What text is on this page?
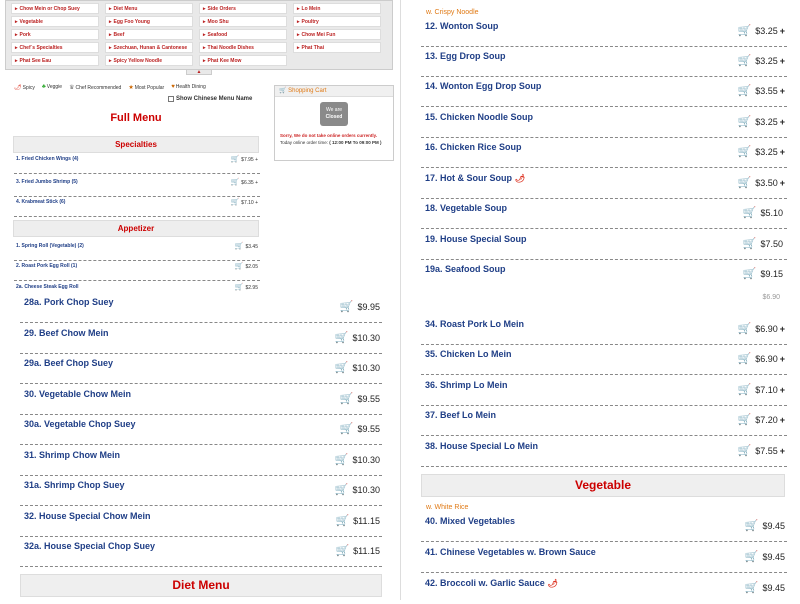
▸ Chow Mein or Chop Suey	▸ Diet Menu	▸ Side Orders	▸ Lo Mein
▸ Vegetable	▸ Egg Foo Young	▸ Moo Shu	▸ Poultry
▸ Pork	▸ Beef	▸ Seafood	▸ Chow Mei Fun
▸ Chef`s Specialties	▸ Szechuan, Hunan & Cantonese	▸ Thai Noodle Dishes	▸ Phat Thai
▸ Phat See Eau	▸ Spicy Yellow Noodle	▸ Phat Kee Mow
▲
🌶Spicy ♣Veggie ♛Chef Recommended ★Most Popular ♥Health Dining
Show Chinese Menu Name
🛒 Shopping Cart
We are
Closed
Sorry, We do not take online orders currently.
Today online order time: ( 12:00 PM To 09:00 PM )
Full Menu
Specialties
1. Fried Chicken Wings (4)	🛒 $7.95 +
3. Fried Jumbo Shrimp (5)	🛒 $6.35 +
4. Krabmeat Stick (6)	🛒 $7.10 +
Appetizer
1. Spring Roll (Vegetable) (2)	🛒 $3.45
2. Roast Pork Egg Roll (1)	🛒 $2.05
2a. Cheese Steak Egg Roll	🛒 $2.95
w. Crispy Noodle
12. Wonton Soup	🛒 $3.25 +
13. Egg Drop Soup	🛒 $3.25 +
14. Wonton Egg Drop Soup	🛒 $3.55 +
15. Chicken Noodle Soup	🛒 $3.25 +
16. Chicken Rice Soup	🛒 $3.25 +
17. Hot & Sour Soup 🌶	🛒 $3.50 +
18. Vegetable Soup	🛒 $5.10
19. House Special Soup	🛒 $7.50
19a. Seafood Soup	🛒 $9.15
28a. Pork Chop Suey	🛒 $9.95
29. Beef Chow Mein	🛒 $10.30
29a. Beef Chop Suey	🛒 $10.30
30. Vegetable Chow Mein	🛒 $9.55
30a. Vegetable Chop Suey	🛒 $9.55
31. Shrimp Chow Mein	🛒 $10.30
31a. Shrimp Chop Suey	🛒 $10.30
32. House Special Chow Mein	🛒 $11.15
32a. House Special Chop Suey	🛒 $11.15
Diet Menu
$6.90
34. Roast Pork Lo Mein	🛒 $6.90 +
35. Chicken Lo Mein	🛒 $6.90 +
36. Shrimp Lo Mein	🛒 $7.10 +
37. Beef Lo Mein	🛒 $7.20 +
38. House Special Lo Mein	🛒 $7.55 +
Vegetable
w. White Rice
40. Mixed Vegetables	🛒 $9.45
41. Chinese Vegetables w. Brown Sauce	🛒 $9.45
42. Broccoli w. Garlic Sauce 🌶	🛒 $9.45
